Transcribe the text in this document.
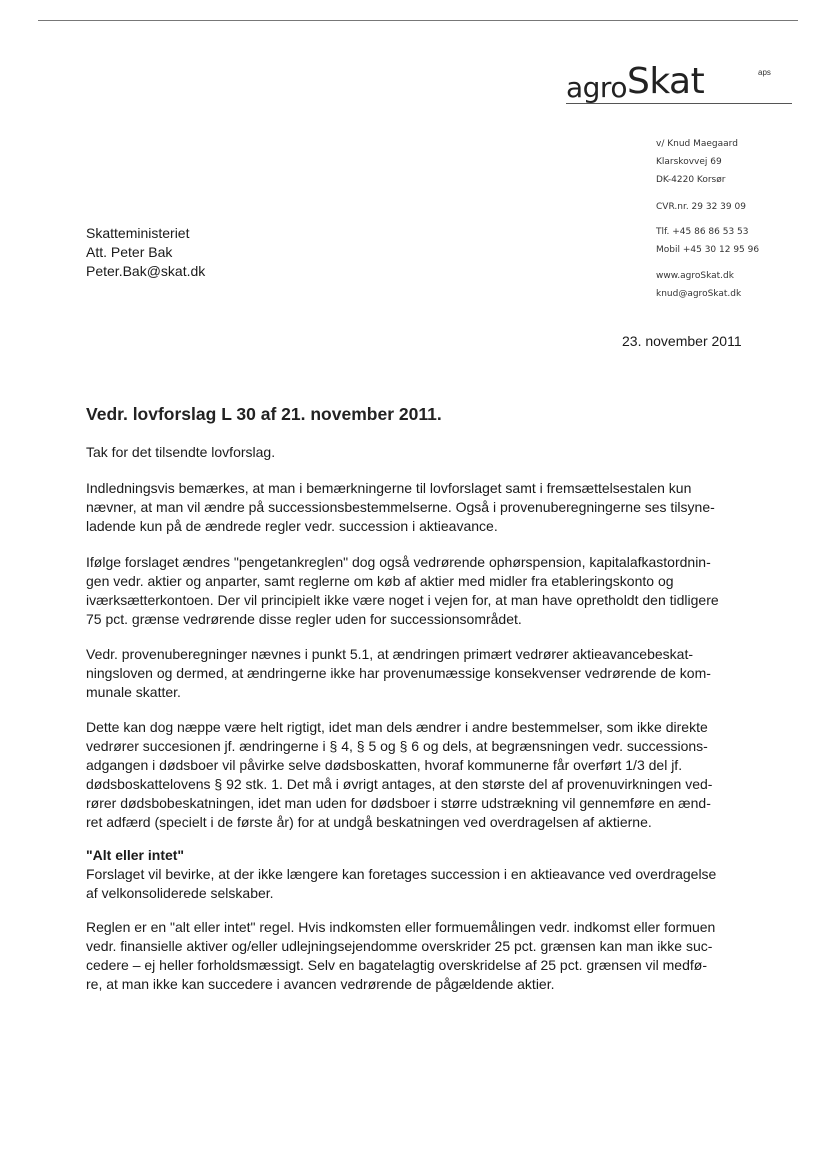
agroSkat	aps
v/ Knud Maegaard
Klarskovvej 69
DK-4220 Korsør
CVR.nr. 29 32 39 09
Tlf. +45 86 86 53 53
Mobil +45 30 12 95 96
www.agroSkat.dk
knud@agroSkat.dk
Skatteministeriet
Att. Peter Bak
Peter.Bak@skat.dk
23. november 2011
Vedr. lovforslag L 30 af 21. november 2011.
Tak for det tilsendte lovforslag.
Indledningsvis bemærkes, at man i bemærkningerne til lovforslaget samt i fremsættelsestalen kun
nævner, at man vil ændre på successionsbestemmelserne. Også i provenuberegningerne ses tilsyne-
ladende kun på de ændrede regler vedr. succession i aktieavance.
Ifølge forslaget ændres "pengetankreglen" dog også vedrørende ophørspension, kapitalafkastordnin-
gen vedr. aktier og anparter, samt reglerne om køb af aktier med midler fra etableringskonto og
iværksætterkontoen. Der vil principielt ikke være noget i vejen for, at man have opretholdt den tidligere
75 pct. grænse vedrørende disse regler uden for successionsområdet.
Vedr. provenuberegninger nævnes i punkt 5.1, at ændringen primært vedrører aktieavancebeskat-
ningsloven og dermed, at ændringerne ikke har provenumæssige konsekvenser vedrørende de kom-
munale skatter.
Dette kan dog næppe være helt rigtigt, idet man dels ændrer i andre bestemmelser, som ikke direkte
vedrører succesionen jf. ændringerne i § 4, § 5 og § 6 og dels, at begrænsningen vedr. successions-
adgangen i dødsboer vil påvirke selve dødsboskatten, hvoraf kommunerne får overført 1/3 del jf.
dødsboskattelovens § 92 stk. 1. Det må i øvrigt antages, at den største del af provenuvirkningen ved-
rører dødsbobeskatningen, idet man uden for dødsboer i større udstrækning vil gennemføre en ænd-
ret adfærd (specielt i de første år) for at undgå beskatningen ved overdragelsen af aktierne.
"Alt eller intet"
Forslaget vil bevirke, at der ikke længere kan foretages succession i en aktieavance ved overdragelse
af velkonsoliderede selskaber.
Reglen er en "alt eller intet" regel. Hvis indkomsten eller formuemålingen vedr. indkomst eller formuen
vedr. finansielle aktiver og/eller udlejningsejendomme overskrider 25 pct. grænsen kan man ikke suc-
cedere – ej heller forholdsmæssigt. Selv en bagatelagtig overskridelse af 25 pct. grænsen vil medfø-
re, at man ikke kan succedere i avancen vedrørende de pågældende aktier.
